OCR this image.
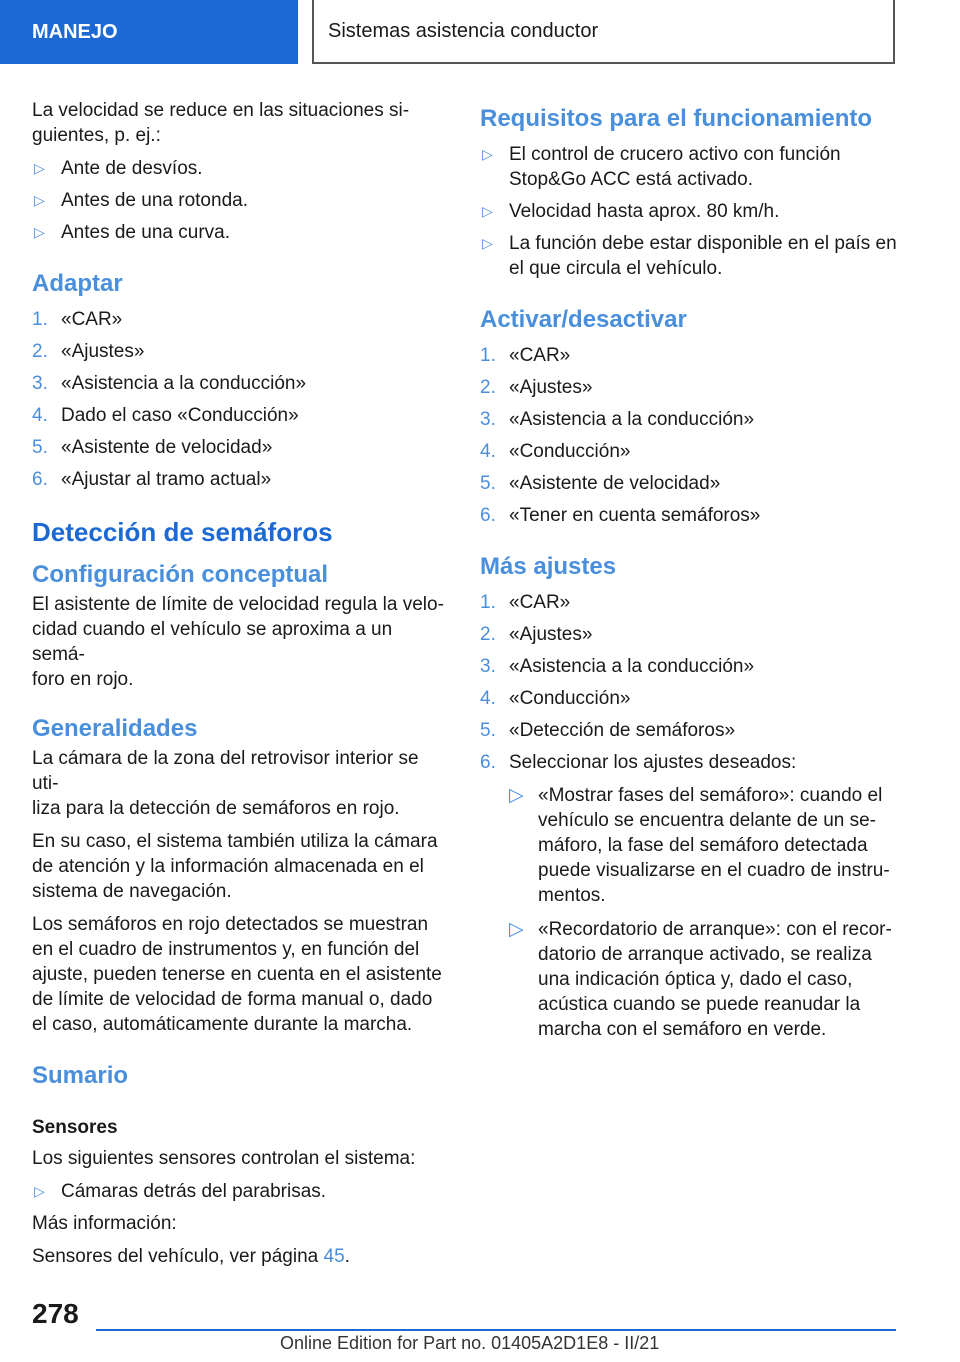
MANEJO	Sistemas asistencia conductor

La velocidad se reduce en las situaciones si-
guientes, p. ej.:

▷ Ante de desvíos.
▷ Antes de una rotonda.
▷ Antes de una curva.
Adaptar
1. «CAR»
2. «Ajustes»
3. «Asistencia a la conducción»
4. Dado el caso «Conducción»
5. «Asistente de velocidad»
6. «Ajustar al tramo actual»
Detección de semáforos
Configuración conceptual

El asistente de límite de velocidad regula la velo-
cidad cuando el vehículo se aproxima a un semá-
foro en rojo.

Generalidades

La cámara de la zona del retrovisor interior se uti-
liza para la detección de semáforos en rojo.

En su caso, el sistema también utiliza la cámara
de atención y la información almacenada en el
sistema de navegación.

Los semáforos en rojo detectados se muestran
en el cuadro de instrumentos y, en función del
ajuste, pueden tenerse en cuenta en el asistente
de límite de velocidad de forma manual o, dado
el caso, automáticamente durante la marcha.

Sumario
Sensores

Los siguientes sensores controlan el sistema:

▷ Cámaras detrás del parabrisas.

Más información:

Sensores del vehículo, ver página 45.

Requisitos para el funcionamiento
▷ El control de crucero activo con función
Stop&Go ACC está activado.
▷ Velocidad hasta aprox. 80 km/h.
▷ La función debe estar disponible en el país en
el que circula el vehículo.
Activar/desactivar
1. «CAR»
2. «Ajustes»
3. «Asistencia a la conducción»
4. «Conducción»
5. «Asistente de velocidad»
6. «Tener en cuenta semáforos»
Más ajustes
1. «CAR»
2. «Ajustes»
3. «Asistencia a la conducción»
4. «Conducción»
5. «Detección de semáforos»
6. Seleccionar los ajustes deseados:
▷ «Mostrar fases del semáforo»: cuando el
vehículo se encuentra delante de un se-
máforo, la fase del semáforo detectada
puede visualizarse en el cuadro de instru-
mentos.
▷ «Recordatorio de arranque»: con el recor-
datorio de arranque activado, se realiza
una indicación óptica y, dado el caso,
acústica cuando se puede reanudar la
marcha con el semáforo en verde.
278
Online Edition for Part no. 01405A2D1E8 - II/21
